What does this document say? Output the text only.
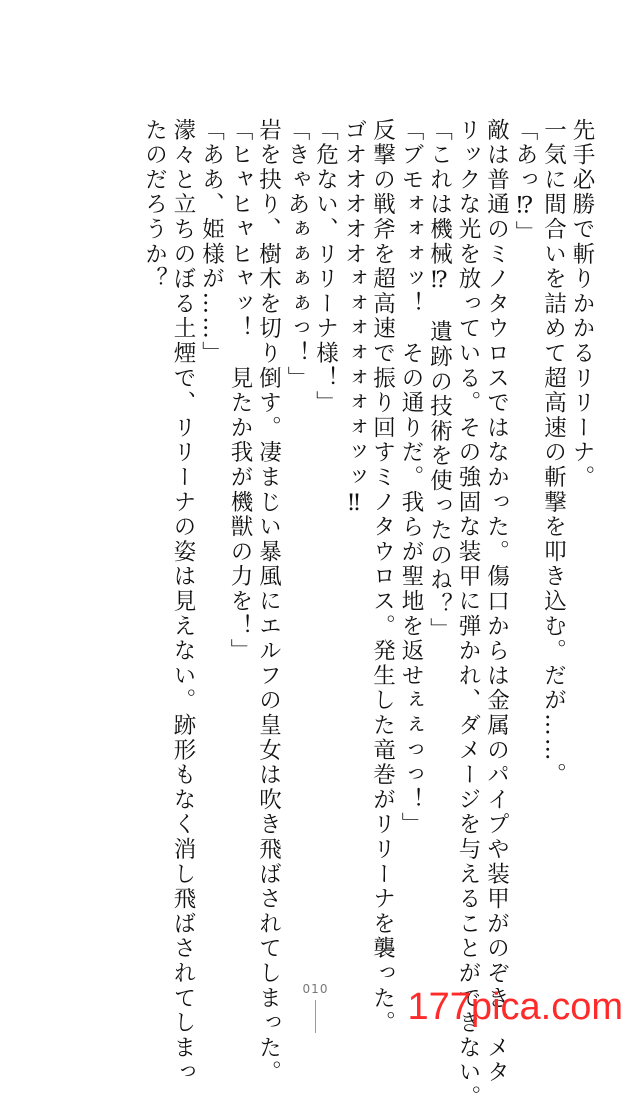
先手必勝で斬りかかるリリーナ。
一気に間合いを詰めて超高速の斬撃を叩き込む。だが……。
「あっ⁉」
敵は普通のミノタウロスではなかった。傷口からは金属のパイプや装甲がのぞき、メタ
リックな光を放っている。その強固な装甲に弾かれ、ダメージを与えることができない。
「これは機械⁉　遺跡の技術を使ったのね？」
「ブモォォォッ！　その通りだ。我らが聖地を返せぇぇっっ！」
反撃の戦斧を超高速で振り回すミノタウロス。発生した竜巻がリリーナを襲った。
ゴオオオオオォォォォォォォッッ‼
「危ない、リリーナ様！」
「きゃあぁぁぁぁっ！」
岩を抉り、樹木を切り倒す。凄まじい暴風にエルフの皇女は吹き飛ばされてしまった。
「ヒャヒャヒャッ！　見たか我が機獣の力を！」
「ああ、姫様が……」
濛々と立ちのぼる土煙で、リリーナの姿は見えない。跡形もなく消し飛ばされてしまっ
たのだろうか？
010	177pica.com
